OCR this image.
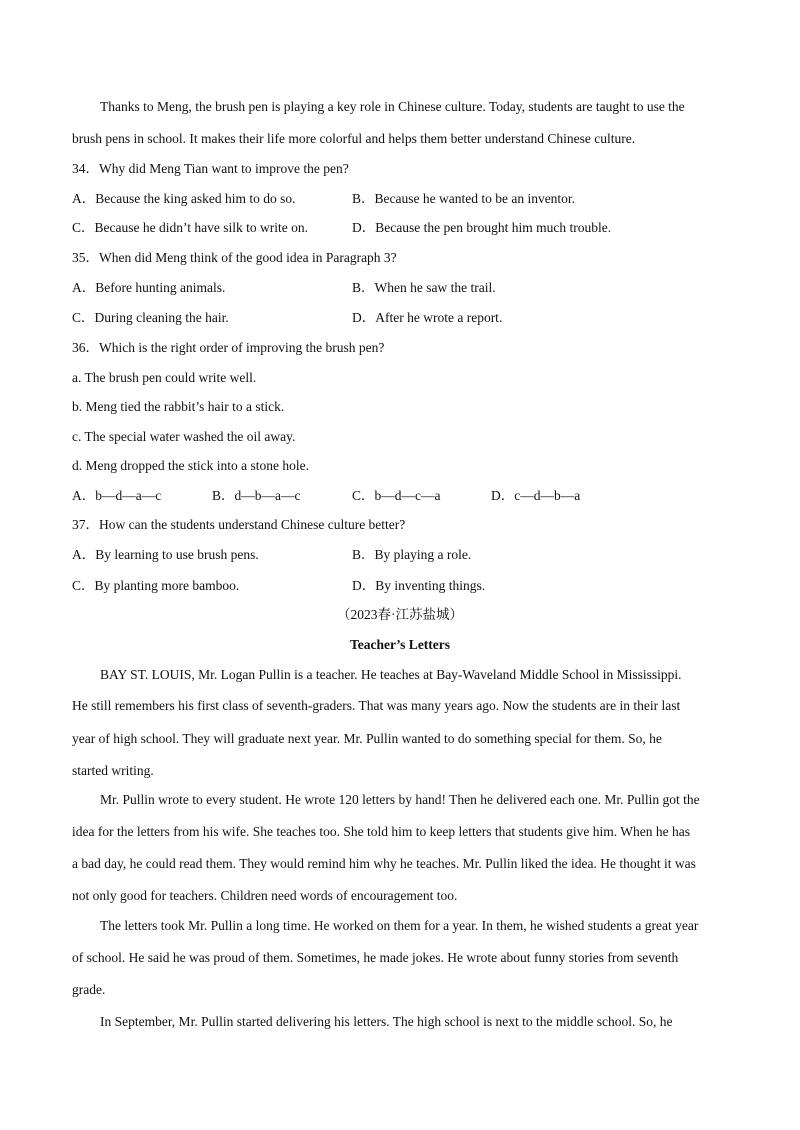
Thanks to Meng, the brush pen is playing a key role in Chinese culture. Today, students are taught to use the
brush pens in school. It makes their life more colorful and helps them better understand Chinese culture.
34．Why did Meng Tian want to improve the pen?
A．Because the king asked him to do so.	B．Because he wanted to be an inventor.
C．Because he didn’t have silk to write on.	D．Because the pen brought him much trouble.
35．When did Meng think of the good idea in Paragraph 3?
A．Before hunting animals.	B．When he saw the trail.
C．During cleaning the hair.	D．After he wrote a report.
36．Which is the right order of improving the brush pen?
a. The brush pen could write well.
b. Meng tied the rabbit’s hair to a stick.
c. The special water washed the oil away.
d. Meng dropped the stick into a stone hole.
A．b—d—a—c	B．d—b—a—c	C．b—d—c—a	D．c—d—b—a
37．How can the students understand Chinese culture better?
A．By learning to use brush pens.	B．By playing a role.
C．By planting more bamboo.	D．By inventing things.
（2023春·江苏盐城）
Teacher’s Letters
BAY ST. LOUIS, Mr. Logan Pullin is a teacher. He teaches at Bay-Waveland Middle School in Mississippi.
He still remembers his first class of seventh-graders. That was many years ago. Now the students are in their last
year of high school. They will graduate next year. Mr. Pullin wanted to do something special for them. So, he
started writing.
Mr. Pullin wrote to every student. He wrote 120 letters by hand! Then he delivered each one. Mr. Pullin got the
idea for the letters from his wife. She teaches too. She told him to keep letters that students give him. When he has
a bad day, he could read them. They would remind him why he teaches. Mr. Pullin liked the idea. He thought it was
not only good for teachers. Children need words of encouragement too.
The letters took Mr. Pullin a long time. He worked on them for a year. In them, he wished students a great year
of school. He said he was proud of them. Sometimes, he made jokes. He wrote about funny stories from seventh
grade.
In September, Mr. Pullin started delivering his letters. The high school is next to the middle school. So, he
